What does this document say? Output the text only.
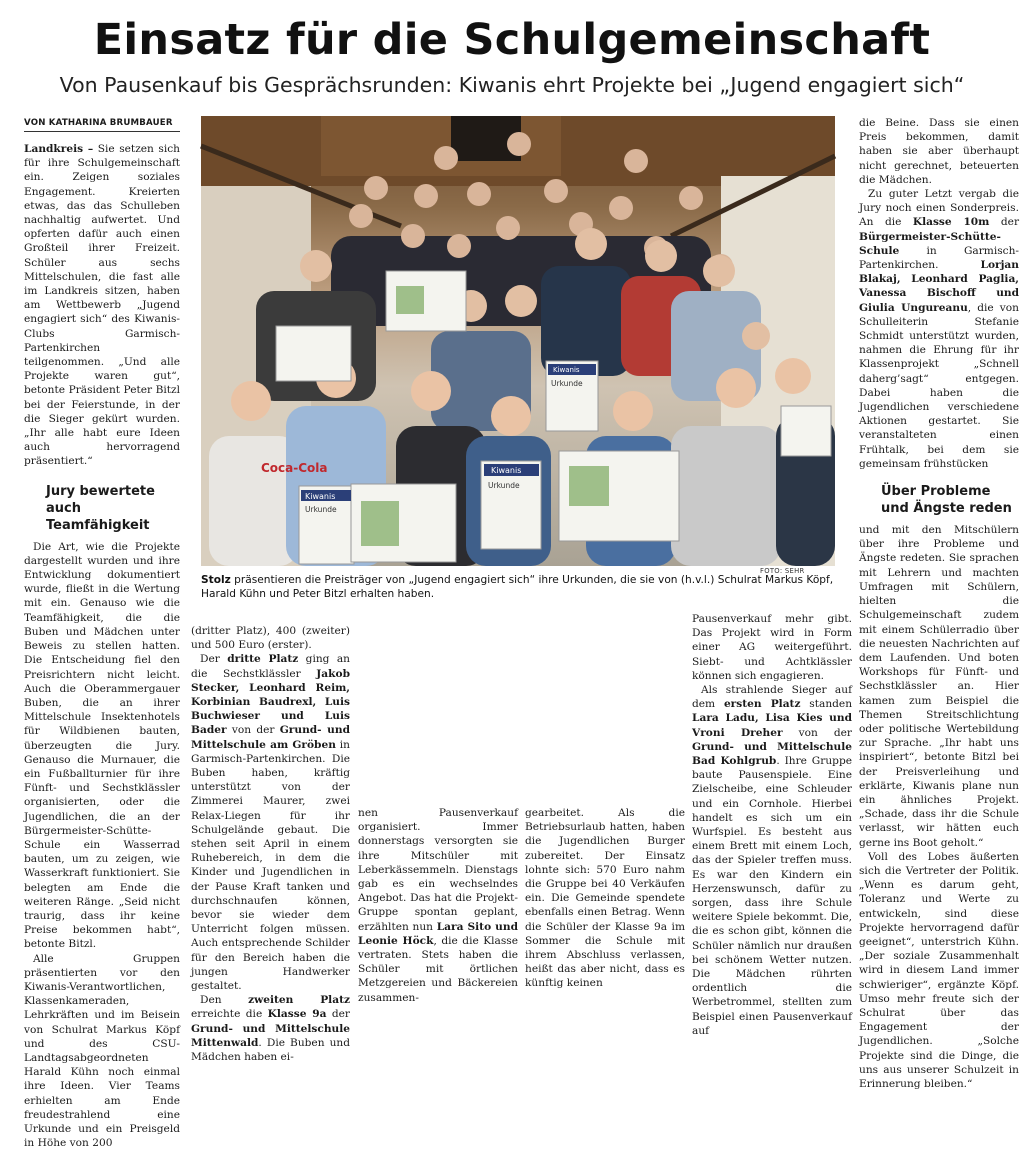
Einsatz für die Schulgemeinschaft
Von Pausenkauf bis Gesprächsrunden: Kiwanis ehrt Projekte bei „Jugend engagiert sich“
VON KATHARINA BRUMBAUER

Landkreis – Sie setzen sich für ihre Schulgemeinschaft ein. Zeigen soziales Engagement. Kreierten etwas, das das Schulleben nachhaltig aufwertet. Und opferten dafür auch einen Großteil ihrer Freizeit. Schüler aus sechs Mittelschulen, die fast alle im Landkreis sitzen, haben am Wettbewerb „Jugend engagiert sich“ des Kiwanis-Clubs Garmisch-Partenkirchen teilgenommen. „Und alle Projekte waren gut“, betonte Präsident Peter Bitzl bei der Feierstunde, in der die Sieger gekürt wurden. „Ihr alle habt eure Ideen auch hervorragend präsentiert.“

Jury bewertete auch Teamfähigkeit

Die Art, wie die Projekte dargestellt wurden und ihre Entwicklung dokumentiert wurde, fließt in die Wertung mit ein. Genauso wie die Teamfähigkeit, die die Buben und Mädchen unter Beweis zu stellen hatten. Die Entscheidung fiel den Preisrichtern nicht leicht. Auch die Oberammergauer Buben, die an ihrer Mittelschule Insektenhotels für Wildbienen bauten, überzeugten die Jury. Genauso die Murnauer, die ein Fußballturnier für ihre Fünft- und Sechstklässler organisierten, oder die Jugendlichen, die an der Bürgermeister-Schütte-Schule ein Wasserrad bauten, um zu zeigen, wie Wasserkraft funktioniert. Sie belegten am Ende die weiteren Ränge. „Seid nicht traurig, dass ihr keine Preise bekommen habt“, betonte Bitzl.

Alle Gruppen präsentierten vor den Kiwanis-Verantwortlichen, Klassenkameraden, Lehrkräften und im Beisein von Schulrat Markus Köpf und des CSU-Landtagsabgeordneten Harald Kühn noch einmal ihre Ideen. Vier Teams erhielten am Ende freudestrahlend eine Urkunde und ein Preisgeld in Höhe von 200

Coca-Cola
Kiwanis
Kiwanis
Kiwanis
Urkunde
Urkunde
Urkunde
FOTO: SEHR

Stolz präsentieren die Preisträger von „Jugend engagiert sich“ ihre Urkunden, die sie von (h.v.l.) Schulrat Markus Köpf, Harald Kühn und Peter Bitzl erhalten haben.

(dritter Platz), 400 (zweiter) und 500 Euro (erster).

Der dritte Platz ging an die Sechstklässler Jakob Stecker, Leonhard Reim, Korbinian Baudrexl, Luis Buchwieser und Luis Bader von der Grund- und Mittelschule am Gröben in Garmisch-Partenkirchen. Die Buben haben, kräftig unterstützt von der Zimmerei Maurer, zwei Relax-Liegen für ihr Schulgelände gebaut. Die stehen seit April in einem Ruhebereich, in dem die Kinder und Jugendlichen in der Pause Kraft tanken und durchschnaufen können, bevor sie wieder dem Unterricht folgen müssen. Auch entsprechende Schilder für den Bereich haben die jungen Handwerker gestaltet.

Den zweiten Platz erreichte die Klasse 9a der Grund- und Mittelschule Mittenwald. Die Buben und Mädchen haben ei-

nen Pausenverkauf organisiert. Immer donnerstags versorgten sie ihre Mitschüler mit Leberkässemmeln. Dienstags gab es ein wechselndes Angebot. Das hat die Projekt-Gruppe spontan geplant, erzählten nun Lara Sito und Leonie Höck, die die Klasse vertraten. Stets haben die Schüler mit örtlichen Metzgereien und Bäckereien zusammen-

gearbeitet. Als die Betriebsurlaub hatten, haben die Jugendlichen Burger zubereitet. Der Einsatz lohnte sich: 570 Euro nahm die Gruppe bei 40 Verkäufen ein. Die Gemeinde spendete ebenfalls einen Betrag. Wenn die Schüler der Klasse 9a im Sommer die Schule mit ihrem Abschluss verlassen, heißt das aber nicht, dass es künftig keinen

Pausenverkauf mehr gibt. Das Projekt wird in Form einer AG weitergeführt. Siebt- und Achtklässler können sich engagieren.

Als strahlende Sieger auf dem ersten Platz standen Lara Ladu, Lisa Kies und Vroni Dreher von der Grund- und Mittelschule Bad Kohlgrub. Ihre Gruppe baute Pausenspiele. Eine Zielscheibe, eine Schleuder und ein Cornhole. Hierbei handelt es sich um ein Wurfspiel. Es besteht aus einem Brett mit einem Loch, das der Spieler treffen muss. Es war den Kindern ein Herzenswunsch, dafür zu sorgen, dass ihre Schule weitere Spiele bekommt. Die, die es schon gibt, können die Schüler nämlich nur draußen bei schönem Wetter nutzen. Die Mädchen rührten ordentlich die Werbetrommel, stellten zum Beispiel einen Pausenverkauf auf

die Beine. Dass sie einen Preis bekommen, damit haben sie aber überhaupt nicht gerechnet, beteuerten die Mädchen.

Zu guter Letzt vergab die Jury noch einen Sonderpreis. An die Klasse 10m der Bürgermeister-Schütte-Schule in Garmisch-Partenkirchen. Lorjan Blakaj, Leonhard Paglia, Vanessa Bischoff und Giulia Ungureanu, die von Schulleiterin Stefanie Schmidt unterstützt wurden, nahmen die Ehrung für ihr Klassenprojekt „Schnell daherg’sagt“ entgegen. Dabei haben die Jugendlichen verschiedene Aktionen gestartet. Sie veranstalteten einen Frühtalk, bei dem sie gemeinsam frühstücken

Über Probleme und Ängste reden

und mit den Mitschülern über ihre Probleme und Ängste redeten. Sie sprachen mit Lehrern und machten Umfragen mit Schülern, hielten die Schulgemeinschaft zudem mit einem Schülerradio über die neuesten Nachrichten auf dem Laufenden. Und boten Workshops für Fünft- und Sechstklässler an. Hier kamen zum Beispiel die Themen Streitschlichtung oder politische Wertebildung zur Sprache. „Ihr habt uns inspiriert“, betonte Bitzl bei der Preisverleihung und erklärte, Kiwanis plane nun ein ähnliches Projekt. „Schade, dass ihr die Schule verlasst, wir hätten euch gerne ins Boot geholt.“

Voll des Lobes äußerten sich die Vertreter der Politik. „Wenn es darum geht, Toleranz und Werte zu entwickeln, sind diese Projekte hervorragend dafür geeignet“, unterstrich Kühn. „Der soziale Zusammenhalt wird in diesem Land immer schwieriger“, ergänzte Köpf. Umso mehr freute sich der Schulrat über das Engagement der Jugendlichen. „Solche Projekte sind die Dinge, die uns aus unserer Schulzeit in Erinnerung bleiben.“
